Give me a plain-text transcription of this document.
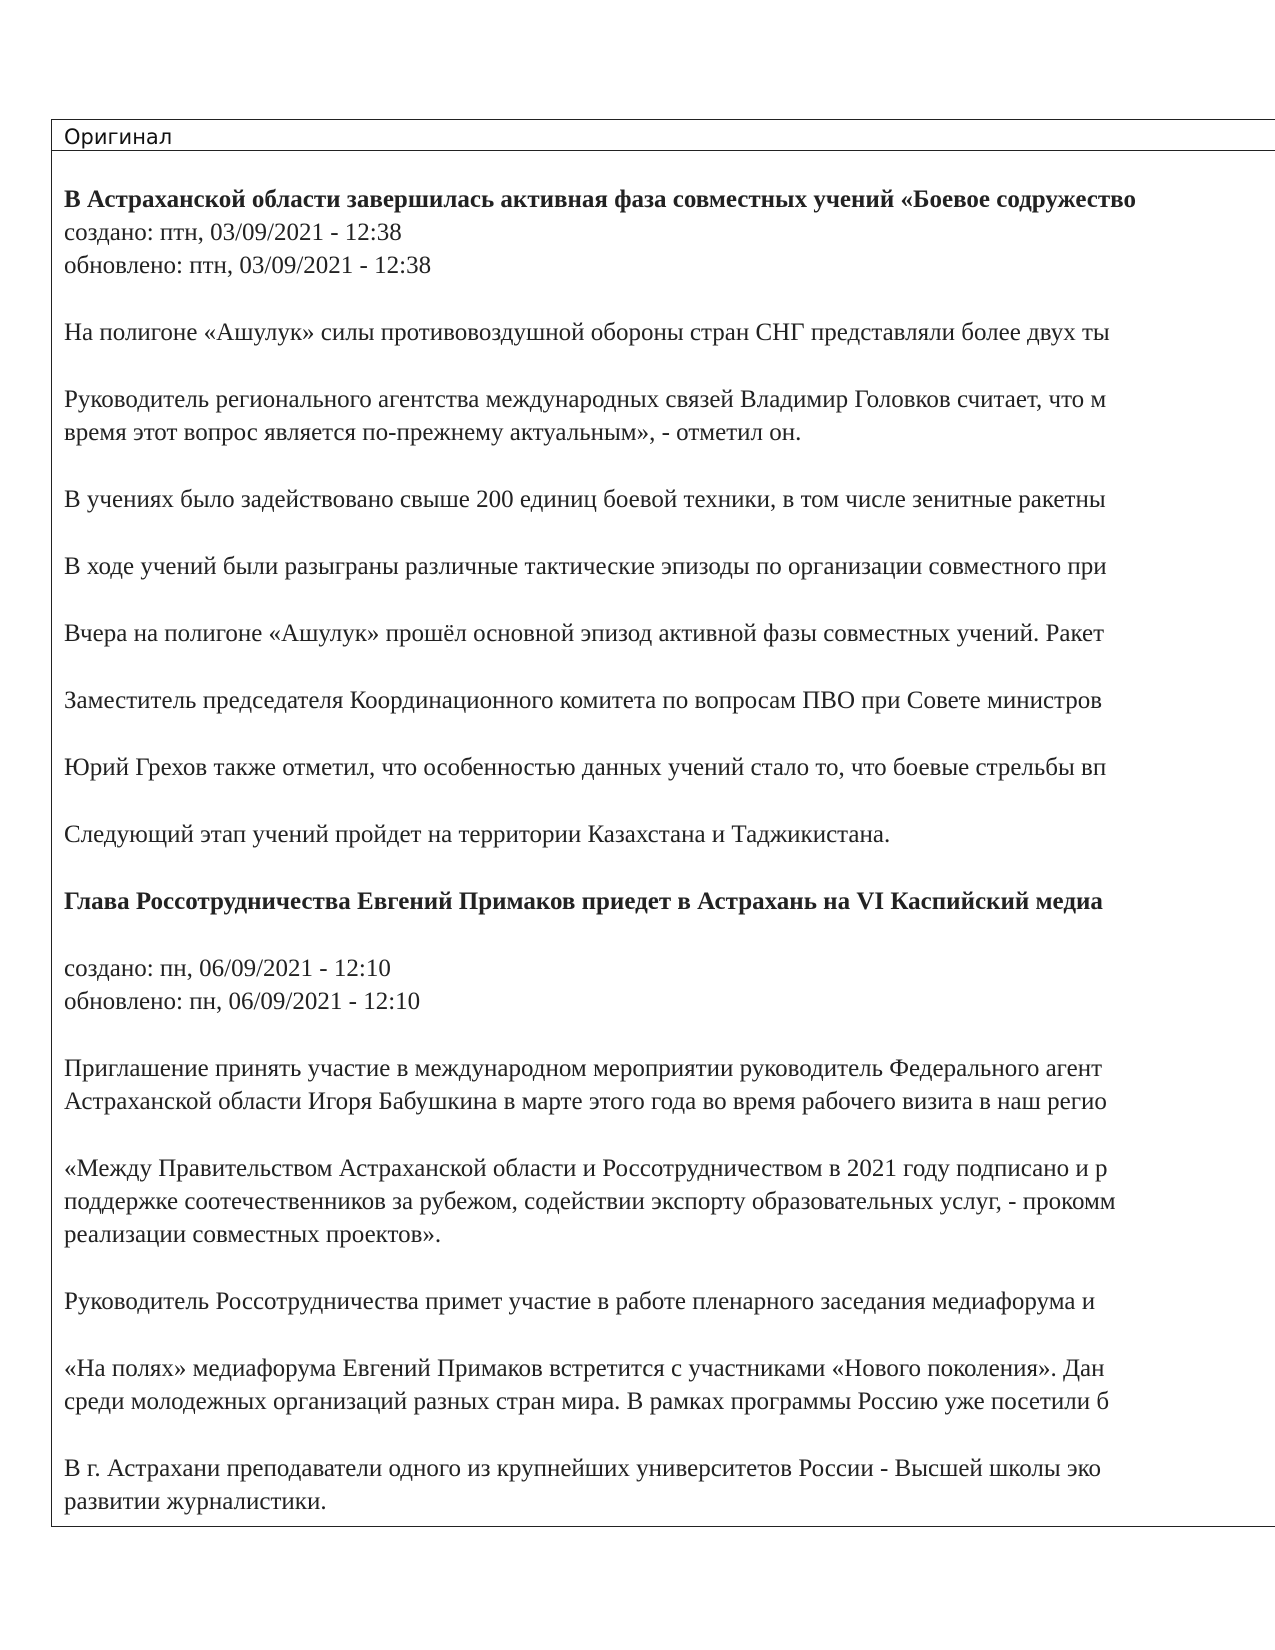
Оригинал

В Астраханской области завершилась активная фаза совместных учений «Боевое содружество

создано: птн, 03/09/2021 - 12:38

обновлено: птн, 03/09/2021 - 12:38

На полигоне «Ашулук» силы противовоздушной обороны стран СНГ представляли более двух ты

Руководитель регионального агентства международных связей Владимир Головков считает, что м
время этот вопрос является по-прежнему актуальным», - отметил он.

В учениях было задействовано свыше 200 единиц боевой техники, в том числе зенитные ракетны

В ходе учений были разыграны различные тактические эпизоды по организации совместного при

Вчера на полигоне «Ашулук» прошёл основной эпизод активной фазы совместных учений. Ракет

Заместитель председателя Координационного комитета по вопросам ПВО при Совете министров

Юрий Грехов также отметил, что особенностью данных учений стало то, что боевые стрельбы вп

Следующий этап учений пройдет на территории Казахстана и Таджикистана.

Глава Россотрудничества Евгений Примаков приедет в Астрахань на VI Каспийский медиа

создано: пн, 06/09/2021 - 12:10

обновлено: пн, 06/09/2021 - 12:10

Приглашение принять участие в международном мероприятии руководитель Федерального агент
Астраханской области Игоря Бабушкина в марте этого года во время рабочего визита в наш регио

«Между Правительством Астраханской области и Россотрудничеством в 2021 году подписано и р
поддержке соотечественников за рубежом, содействии экспорту образовательных услуг, - прокомм
реализации совместных проектов».

Руководитель Россотрудничества примет участие в работе пленарного заседания медиафорума и

«На полях» медиафорума Евгений Примаков встретится с участниками «Нового поколения». Дан
среди молодежных организаций разных стран мира. В рамках программы Россию уже посетили б

В г. Астрахани преподаватели одного из крупнейших университетов России - Высшей школы эко
развитии журналистики.
